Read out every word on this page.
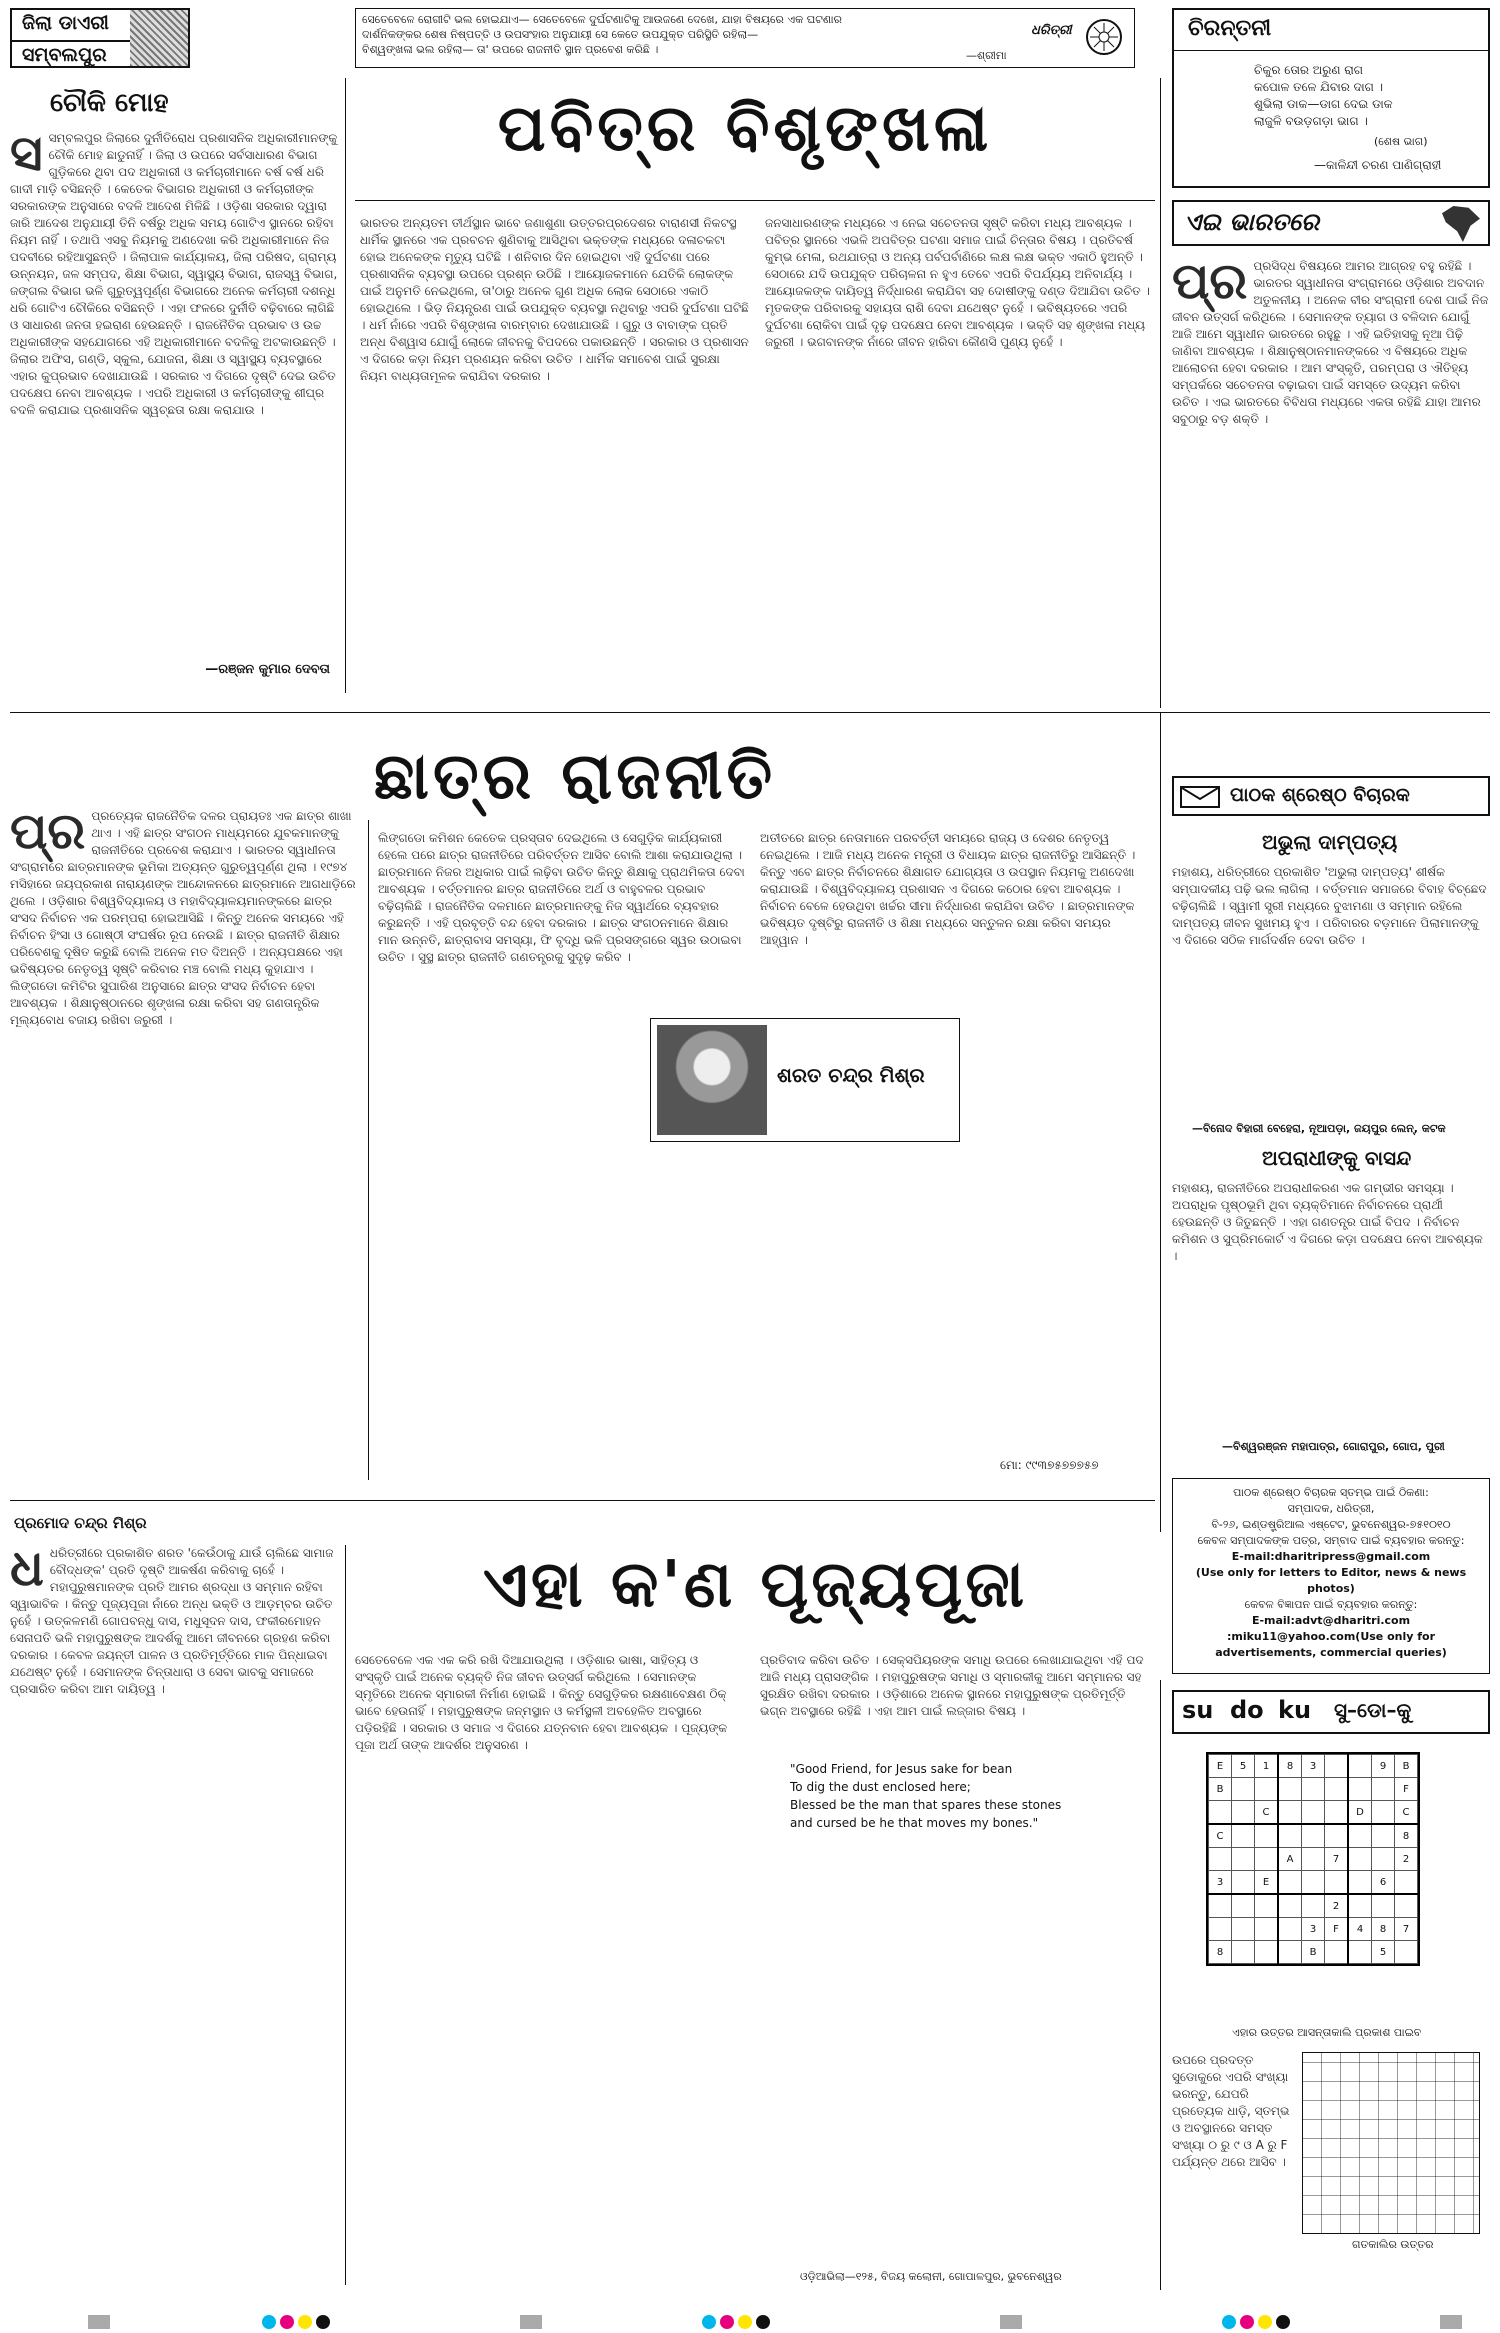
ଜିଲା ଡାଏରୀ
ସମ୍ବଲପୁର
ସେତେବେଳେ ରୋଗୀଟି ଭଲ ହୋଇଯାଏ— ସେତେବେଳେ ଦୁର୍ଘଟଣାଟିକୁ ଆଉଜଣେ ଦେଖେ, ଯାହା ବିଷୟରେ ଏକ ଘଟଣାର
ଦାର୍ଶନିକଙ୍କର ଶେଷ ନିଷ୍ପତ୍ତି ଓ ଉପସଂହାର ଅନୁଯାୟୀ ସେ କେତେ ଉପଯୁକ୍ତ ପରିସ୍ଥିତି ରହିଲା—
ବିଶ୍ୱଙ୍ଖଳା ଭଲ ରହିଲା— ତା' ଉପରେ ରାଜନୀତି ସ୍ଥାନ ପ୍ରବେଶ କରିଛି ।	—ଶ୍ରୀମା
ଧରିତ୍ରୀ	ଚିରନ୍ତନୀ
ଚିକୁର ତୋର ଅରୁଣ ରାଗ
କପୋଳ ତଳେ ଯିବାର ଦାଗ ।
ଶୁଭିଲା ଡାକ—ଡାଗ ଦେଇ ଡାକ
ଲାଜୁଳି ବଉଡ଼ଗଡ଼ା ଭାଗ ।
(ଶେଷ ଭାଗ)
—କାଳିନ୍ଦୀ ଚରଣ ପାଣିଗ୍ରାହୀ
ଚୌକି ମୋହ
ସ ସମ୍ବଲପୁର ଜିଲାରେ ଦୁର୍ନୀତିରୋଧ ପ୍ରଶାସନିକ ଅଧିକାରୀମାନଙ୍କୁ ଚୌକି ମୋହ ଛାଡୁନାହିଁ । ଜିଲା ଓ ଉପରେ ସର୍ବସାଧାରଣ ବିଭାଗ ଗୁଡ଼ିକରେ ଥିବା ପଦ ଅଧିକାରୀ ଓ କର୍ମଚାରୀମାନେ ବର୍ଷ ବର୍ଷ ଧରି ଗାଦୀ ମାଡ଼ି ବସିଛନ୍ତି । କେତେକ ବିଭାଗର ଅଧିକାରୀ ଓ କର୍ମଚାରୀଙ୍କ ସରକାରଙ୍କ ଅନୁସାରେ ବଦଳି ଆଦେଶ ମିଳିଛି । ଓଡ଼ିଶା ସରକାର ଦ୍ୱାରା ଜାରି ଆଦେଶ ଅନୁଯାୟୀ ତିନି ବର୍ଷରୁ ଅଧିକ ସମୟ ଗୋଟିଏ ସ୍ଥାନରେ ରହିବା ନିୟମ ନାହିଁ । ତଥାପି ଏସବୁ ନିୟମକୁ ଅଣଦେଖା କରି ଅଧିକାରୀମାନେ ନିଜ ପଦବୀରେ ରହିଆସୁଛନ୍ତି । ଜିଲାପାଳ କାର୍ଯ୍ୟାଳୟ, ଜିଲା ପରିଷଦ, ଗ୍ରାମ୍ୟ ଉନ୍ନୟନ, ଜଳ ସମ୍ପଦ, ଶିକ୍ଷା ବିଭାଗ, ସ୍ୱାସ୍ଥ୍ୟ ବିଭାଗ, ରାଜସ୍ୱ ବିଭାଗ, ଜଙ୍ଗଲ ବିଭାଗ ଭଳି ଗୁରୁତ୍ୱପୂର୍ଣ୍ଣ ବିଭାଗରେ ଅନେକ କର୍ମଚାରୀ ଦଶନ୍ଧି ଧରି ଗୋଟିଏ ଚୌକିରେ ବସିଛନ୍ତି । ଏହା ଫଳରେ ଦୁର୍ନୀତି ବଢ଼ିବାରେ ଲାଗିଛି ଓ ସାଧାରଣ ଜନତା ହଇରାଣ ହେଉଛନ୍ତି । ରାଜନୈତିକ ପ୍ରଭାବ ଓ ଉଚ୍ଚ ଅଧିକାରୀଙ୍କ ସହଯୋଗରେ ଏହି ଅଧିକାରୀମାନେ ବଦଳିକୁ ଅଟକାଉଛନ୍ତି । ଜିଲାର ଅଫିସ, ଗଣ୍ଡି, ସ୍କୁଲ, ଯୋଜନା, ଶିକ୍ଷା ଓ ସ୍ୱାସ୍ଥ୍ୟ ବ୍ୟବସ୍ଥାରେ ଏହାର କୁପ୍ରଭାବ ଦେଖାଯାଉଛି । ସରକାର ଏ ଦିଗରେ ଦୃଷ୍ଟି ଦେଇ ଉଚିତ ପଦକ୍ଷେପ ନେବା ଆବଶ୍ୟକ । ଏପରି ଅଧିକାରୀ ଓ କର୍ମଚାରୀଙ୍କୁ ଶୀଘ୍ର ବଦଳି କରାଯାଇ ପ୍ରଶାସନିକ ସ୍ୱଚ୍ଛତା ରକ୍ଷା କରାଯାଉ ।
—ରଞ୍ଜନ କୁମାର ଦେବତା
ପବିତ୍ର ବିଶୃଙ୍ଖଳା
ଭାରତର ଅନ୍ୟତମ ତୀର୍ଥସ୍ଥାନ ଭାବେ ଜଣାଶୁଣା ଉତ୍ତରପ୍ରଦେଶର ବାରାଣସୀ ନିକଟସ୍ଥ ଧାର୍ମିକ ସ୍ଥାନରେ ଏକ ପ୍ରବଚନ ଶୁଣିବାକୁ ଆସିଥିବା ଭକ୍ତଙ୍କ ମଧ୍ୟରେ ଦଳାଚକଟା ହୋଇ ଅନେକଙ୍କ ମୃତ୍ୟୁ ଘଟିଛି । ଶନିବାର ଦିନ ହୋଇଥିବା ଏହି ଦୁର୍ଘଟଣା ପରେ ପ୍ରଶାସନିକ ବ୍ୟବସ୍ଥା ଉପରେ ପ୍ରଶ୍ନ ଉଠିଛି । ଆୟୋଜକମାନେ ଯେତିକି ଲୋକଙ୍କ ପାଇଁ ଅନୁମତି ନେଇଥିଲେ, ତା'ଠାରୁ ଅନେକ ଗୁଣ ଅଧିକ ଲୋକ ସେଠାରେ ଏକାଠି ହୋଇଥିଲେ । ଭିଡ଼ ନିୟନ୍ତ୍ରଣ ପାଇଁ ଉପଯୁକ୍ତ ବ୍ୟବସ୍ଥା ନଥିବାରୁ ଏପରି ଦୁର୍ଘଟଣା ଘଟିଛି । ଧର୍ମ ନାଁରେ ଏପରି ବିଶୃଙ୍ଖଳା ବାରମ୍ବାର ଦେଖାଯାଉଛି । ଗୁରୁ ଓ ବାବାଙ୍କ ପ୍ରତି ଅନ୍ଧ ବିଶ୍ୱାସ ଯୋଗୁଁ ଲୋକେ ଜୀବନକୁ ବିପଦରେ ପକାଉଛନ୍ତି । ସରକାର ଓ ପ୍ରଶାସନ ଏ ଦିଗରେ କଡ଼ା ନିୟମ ପ୍ରଣୟନ କରିବା ଉଚିତ । ଧାର୍ମିକ ସମାବେଶ ପାଇଁ ସୁରକ୍ଷା ନିୟମ ବାଧ୍ୟତାମୂଳକ କରାଯିବା ଦରକାର ।
ଜନସାଧାରଣଙ୍କ ମଧ୍ୟରେ ଏ ନେଇ ସଚେତନତା ସୃଷ୍ଟି କରିବା ମଧ୍ୟ ଆବଶ୍ୟକ । ପବିତ୍ର ସ୍ଥାନରେ ଏଭଳି ଅପବିତ୍ର ଘଟଣା ସମାଜ ପାଇଁ ଚିନ୍ତାର ବିଷୟ । ପ୍ରତିବର୍ଷ କୁମ୍ଭ ମେଳା, ରଥଯାତ୍ରା ଓ ଅନ୍ୟ ପର୍ବପର୍ବାଣିରେ ଲକ୍ଷ ଲକ୍ଷ ଭକ୍ତ ଏକାଠି ହୁଅନ୍ତି । ସେଠାରେ ଯଦି ଉପଯୁକ୍ତ ପରିଚାଳନା ନ ହୁଏ ତେବେ ଏପରି ବିପର୍ଯ୍ୟୟ ଅନିବାର୍ଯ୍ୟ । ଆୟୋଜକଙ୍କ ଦାୟିତ୍ୱ ନିର୍ଦ୍ଧାରଣ କରାଯିବା ସହ ଦୋଷୀଙ୍କୁ ଦଣ୍ଡ ଦିଆଯିବା ଉଚିତ । ମୃତକଙ୍କ ପରିବାରକୁ ସହାୟତା ରାଶି ଦେବା ଯଥେଷ୍ଟ ନୁହେଁ । ଭବିଷ୍ୟତରେ ଏପରି ଦୁର୍ଘଟଣା ରୋକିବା ପାଇଁ ଦୃଢ଼ ପଦକ୍ଷେପ ନେବା ଆବଶ୍ୟକ । ଭକ୍ତି ସହ ଶୃଙ୍ଖଳା ମଧ୍ୟ ଜରୁରୀ । ଭଗବାନଙ୍କ ନାଁରେ ଜୀବନ ହାରିବା କୌଣସି ପୁଣ୍ୟ ନୁହେଁ ।
ଏଇ ଭାରତରେ
ପ୍ର ପ୍ରସିଦ୍ଧ ବିଷୟରେ ଆମର ଆଗ୍ରହ ବହୁ ରହିଛି । ଭାରତର ସ୍ୱାଧୀନତା ସଂଗ୍ରାମରେ ଓଡ଼ିଶାର ଅବଦାନ ଅତୁଳନୀୟ । ଅନେକ ବୀର ସଂଗ୍ରାମୀ ଦେଶ ପାଇଁ ନିଜ ଜୀବନ ଉତ୍ସର୍ଗ କରିଥିଲେ । ସେମାନଙ୍କ ତ୍ୟାଗ ଓ ବଳିଦାନ ଯୋଗୁଁ ଆଜି ଆମେ ସ୍ୱାଧୀନ ଭାରତରେ ରହୁଛୁ । ଏହି ଇତିହାସକୁ ନୂଆ ପିଢ଼ି ଜାଣିବା ଆବଶ୍ୟକ । ଶିକ୍ଷାନୁଷ୍ଠାନମାନଙ୍କରେ ଏ ବିଷୟରେ ଅଧିକ ଆଲୋଚନା ହେବା ଦରକାର । ଆମ ସଂସ୍କୃତି, ପରମ୍ପରା ଓ ଐତିହ୍ୟ ସମ୍ପର୍କରେ ସଚେତନତା ବଢ଼ାଇବା ପାଇଁ ସମସ୍ତେ ଉଦ୍ୟମ କରିବା ଉଚିତ । ଏଇ ଭାରତରେ ବିବିଧତା ମଧ୍ୟରେ ଏକତା ରହିଛି ଯାହା ଆମର ସବୁଠାରୁ ବଡ଼ ଶକ୍ତି ।
ଛାତ୍ର ରାଜନୀତି
ପ୍ର ପ୍ରତ୍ୟେକ ରାଜନୈତିକ ଦଳର ପ୍ରାୟତଃ ଏକ ଛାତ୍ର ଶାଖା ଥାଏ । ଏହି ଛାତ୍ର ସଂଗଠନ ମାଧ୍ୟମରେ ଯୁବକମାନଙ୍କୁ ରାଜନୀତିରେ ପ୍ରବେଶ କରାଯାଏ । ଭାରତର ସ୍ୱାଧୀନତା ସଂଗ୍ରାମରେ ଛାତ୍ରମାନଙ୍କ ଭୂମିକା ଅତ୍ୟନ୍ତ ଗୁରୁତ୍ୱପୂର୍ଣ୍ଣ ଥିଲା । ୧୯୭୪ ମସିହାରେ ଜୟପ୍ରକାଶ ନାରାୟଣଙ୍କ ଆନ୍ଦୋଳନରେ ଛାତ୍ରମାନେ ଆଗଧାଡ଼ିରେ ଥିଲେ । ଓଡ଼ିଶାର ବିଶ୍ୱବିଦ୍ୟାଳୟ ଓ ମହାବିଦ୍ୟାଳୟମାନଙ୍କରେ ଛାତ୍ର ସଂସଦ ନିର୍ବାଚନ ଏକ ପରମ୍ପରା ହୋଇଆସିଛି । କିନ୍ତୁ ଅନେକ ସମୟରେ ଏହି ନିର୍ବାଚନ ହିଂସା ଓ ଗୋଷ୍ଠୀ ସଂଘର୍ଷର ରୂପ ନେଉଛି । ଛାତ୍ର ରାଜନୀତି ଶିକ୍ଷାର ପରିବେଶକୁ ଦୂଷିତ କରୁଛି ବୋଲି ଅନେକ ମତ ଦିଅନ୍ତି । ଅନ୍ୟପକ୍ଷରେ ଏହା ଭବିଷ୍ୟତର ନେତୃତ୍ୱ ସୃଷ୍ଟି କରିବାର ମଞ୍ଚ ବୋଲି ମଧ୍ୟ କୁହାଯାଏ । ଲିଙ୍ଗଡୋ କମିଟିର ସୁପାରିଶ ଅନୁସାରେ ଛାତ୍ର ସଂସଦ ନିର୍ବାଚନ ହେବା ଆବଶ୍ୟକ । ଶିକ୍ଷାନୁଷ୍ଠାନରେ ଶୃଙ୍ଖଳା ରକ୍ଷା କରିବା ସହ ଗଣତାନ୍ତ୍ରିକ ମୂଲ୍ୟବୋଧ ବଜାୟ ରଖିବା ଜରୁରୀ ।
ଲିଙ୍ଗଡୋ କମିଶନ କେତେକ ପ୍ରସ୍ତାବ ଦେଇଥିଲେ ଓ ସେଗୁଡ଼ିକ କାର୍ଯ୍ୟକାରୀ ହେଲେ ପରେ ଛାତ୍ର ରାଜନୀତିରେ ପରିବର୍ତ୍ତନ ଆସିବ ବୋଲି ଆଶା କରାଯାଉଥିଲା । ଛାତ୍ରମାନେ ନିଜର ଅଧିକାର ପାଇଁ ଲଢ଼ିବା ଉଚିତ କିନ୍ତୁ ଶିକ୍ଷାକୁ ପ୍ରାଥମିକତା ଦେବା ଆବଶ୍ୟକ । ବର୍ତ୍ତମାନର ଛାତ୍ର ରାଜନୀତିରେ ଅର୍ଥ ଓ ବାହୁବଳର ପ୍ରଭାବ ବଢ଼ିଚାଲିଛି । ରାଜନୈତିକ ଦଳମାନେ ଛାତ୍ରମାନଙ୍କୁ ନିଜ ସ୍ୱାର୍ଥରେ ବ୍ୟବହାର କରୁଛନ୍ତି । ଏହି ପ୍ରବୃତ୍ତି ବନ୍ଦ ହେବା ଦରକାର । ଛାତ୍ର ସଂଗଠନମାନେ ଶିକ୍ଷାର ମାନ ଉନ୍ନତି, ଛାତ୍ରାବାସ ସମସ୍ୟା, ଫି ବୃଦ୍ଧି ଭଳି ପ୍ରସଙ୍ଗରେ ସ୍ୱର ଉଠାଇବା ଉଚିତ । ସୁସ୍ଥ ଛାତ୍ର ରାଜନୀତି ଗଣତନ୍ତ୍ରକୁ ସୁଦୃଢ଼ କରିବ ।
ଅତୀତରେ ଛାତ୍ର ନେତାମାନେ ପରବର୍ତ୍ତୀ ସମୟରେ ରାଜ୍ୟ ଓ ଦେଶର ନେତୃତ୍ୱ ନେଇଥିଲେ । ଆଜି ମଧ୍ୟ ଅନେକ ମନ୍ତ୍ରୀ ଓ ବିଧାୟକ ଛାତ୍ର ରାଜନୀତିରୁ ଆସିଛନ୍ତି । କିନ୍ତୁ ଏବେ ଛାତ୍ର ନିର୍ବାଚନରେ ଶିକ୍ଷାଗତ ଯୋଗ୍ୟତା ଓ ଉପସ୍ଥାନ ନିୟମକୁ ଅଣଦେଖା କରାଯାଉଛି । ବିଶ୍ୱବିଦ୍ୟାଳୟ ପ୍ରଶାସନ ଏ ଦିଗରେ କଠୋର ହେବା ଆବଶ୍ୟକ । ନିର୍ବାଚନ ବେଳେ ହେଉଥିବା ଖର୍ଚ୍ଚର ସୀମା ନିର୍ଦ୍ଧାରଣ କରାଯିବା ଉଚିତ । ଛାତ୍ରମାନଙ୍କ ଭବିଷ୍ୟତ ଦୃଷ୍ଟିରୁ ରାଜନୀତି ଓ ଶିକ୍ଷା ମଧ୍ୟରେ ସନ୍ତୁଳନ ରକ୍ଷା କରିବା ସମୟର ଆହ୍ୱାନ ।
ଶରତ ଚନ୍ଦ୍ର ମିଶ୍ର
ମୋ: ୯୯୩୭୫୭୭୭୫୭
ପାଠକ ଶ୍ରେଷ୍ଠ ବିଚାରକ
ଅଭୁଲା ଦାମ୍ପତ୍ୟ
ମହାଶୟ, ଧରିତ୍ରୀରେ ପ୍ରକାଶିତ 'ଅଭୁଲା ଦାମ୍ପତ୍ୟ' ଶୀର୍ଷକ ସମ୍ପାଦକୀୟ ପଢ଼ି ଭଲ ଲାଗିଲା । ବର୍ତ୍ତମାନ ସମାଜରେ ବିବାହ ବିଚ୍ଛେଦ ବଢ଼ିଚାଲିଛି । ସ୍ୱାମୀ ସ୍ତ୍ରୀ ମଧ୍ୟରେ ବୁଝାମଣା ଓ ସମ୍ମାନ ରହିଲେ ଦାମ୍ପତ୍ୟ ଜୀବନ ସୁଖମୟ ହୁଏ । ପରିବାରର ବଡ଼ମାନେ ପିଲାମାନଙ୍କୁ ଏ ଦିଗରେ ସଠିକ ମାର୍ଗଦର୍ଶନ ଦେବା ଉଚିତ ।
—ବିନୋଦ ବିହାରୀ ବେହେରା, ନୂଆପଡ଼ା, ଜୟପୁର ଲେନ୍, କଟକ
ଅପରାଧୀଙ୍କୁ ବାସନ୍ଦ
ମହାଶୟ, ରାଜନୀତିରେ ଅପରାଧୀକରଣ ଏକ ଗମ୍ଭୀର ସମସ୍ୟା । ଅପରାଧିକ ପୃଷ୍ଠଭୂମି ଥିବା ବ୍ୟକ୍ତିମାନେ ନିର୍ବାଚନରେ ପ୍ରାର୍ଥୀ ହେଉଛନ୍ତି ଓ ଜିତୁଛନ୍ତି । ଏହା ଗଣତନ୍ତ୍ର ପାଇଁ ବିପଦ । ନିର୍ବାଚନ କମିଶନ ଓ ସୁପ୍ରିମକୋର୍ଟ ଏ ଦିଗରେ କଡ଼ା ପଦକ୍ଷେପ ନେବା ଆବଶ୍ୟକ ।
—ବିଶ୍ୱରଞ୍ଜନ ମହାପାତ୍ର, ଗୋରାପୁର, ଗୋପ, ପୁରୀ
ପାଠକ ଶ୍ରେଷ୍ଠ ବିଚାରକ ସ୍ତମ୍ଭ ପାଇଁ ଠିକଣା:
ସମ୍ପାଦକ, ଧରିତ୍ରୀ,
ବି-୨୬, ଇଣ୍ଡଷ୍ଟ୍ରିଆଲ ଏଷ୍ଟେଟ, ଭୁବନେଶ୍ୱର-୭୫୧୦୧୦
କେବଳ ସମ୍ପାଦକଙ୍କ ପତ୍ର, ସମ୍ବାଦ ପାଇଁ ବ୍ୟବହାର କରନ୍ତୁ:
E-mail:dharitripress@gmail.com
(Use only for letters to Editor, news & news photos)
କେବଳ ବିଜ୍ଞାପନ ପାଇଁ ବ୍ୟବହାର କରନ୍ତୁ:
E-mail:advt@dharitri.com
:miku11@yahoo.com(Use only for
advertisements, commercial queries)
ପ୍ରମୋଦ ଚନ୍ଦ୍ର ମିଶ୍ର
ଏହା କ'ଣ ପୂଜ୍ୟପୂଜା
ଧ ଧରିତ୍ରୀରେ ପ୍ରକାଶିତ ଶରତ 'କେଉଁଠାକୁ ଯାଉଁ ଚାଲିଛେ ସାମାଜ ବୌଦ୍ଧଙ୍କ' ପ୍ରତି ଦୃଷ୍ଟି ଆକର୍ଷଣ କରିବାକୁ ଚାହେଁ । ମହାପୁରୁଷମାନଙ୍କ ପ୍ରତି ଆମର ଶ୍ରଦ୍ଧା ଓ ସମ୍ମାନ ରହିବା ସ୍ୱାଭାବିକ । କିନ୍ତୁ ପୂଜ୍ୟପୂଜା ନାଁରେ ଅନ୍ଧ ଭକ୍ତି ଓ ଆଡ଼ମ୍ବର ଉଚିତ ନୁହେଁ । ଉତ୍କଳମଣି ଗୋପବନ୍ଧୁ ଦାସ, ମଧୁସୂଦନ ଦାସ, ଫକୀରମୋହନ ସେନାପତି ଭଳି ମହାପୁରୁଷଙ୍କ ଆଦର୍ଶକୁ ଆମେ ଜୀବନରେ ଗ୍ରହଣ କରିବା ଦରକାର । କେବଳ ଜୟନ୍ତୀ ପାଳନ ଓ ପ୍ରତିମୂର୍ତ୍ତିରେ ମାଳ ପିନ୍ଧାଇବା ଯଥେଷ୍ଟ ନୁହେଁ । ସେମାନଙ୍କ ଚିନ୍ତାଧାରା ଓ ସେବା ଭାବକୁ ସମାଜରେ ପ୍ରସାରିତ କରିବା ଆମ ଦାୟିତ୍ୱ ।
ସେତେବେଳେ ଏକ ଏକ କରି ରଖି ଦିଆଯାଉଥିଲା । ଓଡ଼ିଶାର ଭାଷା, ସାହିତ୍ୟ ଓ ସଂସ୍କୃତି ପାଇଁ ଅନେକ ବ୍ୟକ୍ତି ନିଜ ଜୀବନ ଉତ୍ସର୍ଗ କରିଥିଲେ । ସେମାନଙ୍କ ସ୍ମୃତିରେ ଅନେକ ସ୍ମାରକୀ ନିର୍ମାଣ ହୋଇଛି । କିନ୍ତୁ ସେଗୁଡ଼ିକର ରକ୍ଷଣାବେକ୍ଷଣ ଠିକ୍ ଭାବେ ହେଉନାହିଁ । ମହାପୁରୁଷଙ୍କ ଜନ୍ମସ୍ଥାନ ଓ କର୍ମସ୍ଥଳୀ ଅବହେଳିତ ଅବସ୍ଥାରେ ପଡ଼ିରହିଛି । ସରକାର ଓ ସମାଜ ଏ ଦିଗରେ ଯତ୍ନବାନ ହେବା ଆବଶ୍ୟକ । ପୂଜ୍ୟଙ୍କ ପୂଜା ଅର୍ଥ ତାଙ୍କ ଆଦର୍ଶର ଅନୁସରଣ ।
ପ୍ରତିବାଦ କରିବା ଉଚିତ । ସେକ୍ସପିୟରଙ୍କ ସମାଧି ଉପରେ ଲେଖାଯାଇଥିବା ଏହି ପଦ ଆଜି ମଧ୍ୟ ପ୍ରାସଙ୍ଗିକ । ମହାପୁରୁଷଙ୍କ ସମାଧି ଓ ସ୍ମାରକୀକୁ ଆମେ ସମ୍ମାନର ସହ ସୁରକ୍ଷିତ ରଖିବା ଦରକାର । ଓଡ଼ିଶାରେ ଅନେକ ସ୍ଥାନରେ ମହାପୁରୁଷଙ୍କ ପ୍ରତିମୂର୍ତ୍ତି ଭଗ୍ନ ଅବସ୍ଥାରେ ରହିଛି । ଏହା ଆମ ପାଇଁ ଲଜ୍ଜାର ବିଷୟ ।
"Good Friend, for Jesus sake for bean
To dig the dust enclosed here;
Blessed be the man that spares these stones
and cursed be he that moves my bones."
ଓଡ଼ିଆଭିଲା—୧୨୫, ବିଜୟ କଲୋନୀ, ଗୋପାଳପୁର, ଭୁବନେଶ୍ୱର
su do ku ସୁ–ଡୋ–କୁ
E	5	1	8	3			9	B
B								F
		C				D		C
C								8
			A		7			2
3		E					6	
					2			
				3	F	4	8	7
8				B			5	
ଏହାର ଉତ୍ତର ଆସନ୍ତାକାଲି ପ୍ରକାଶ ପାଇବ
ଉପରେ ପ୍ରଦତ୍ତ ସୁଡୋକୁରେ ଏପରି ସଂଖ୍ୟା ଭରନ୍ତୁ, ଯେପରି ପ୍ରତ୍ୟେକ ଧାଡ଼ି, ସ୍ତମ୍ଭ ଓ ଅବସ୍ଥାନରେ ସମସ୍ତ ସଂଖ୍ୟା ୦ ରୁ ୯ ଓ A ରୁ F ପର୍ଯ୍ୟନ୍ତ ଥରେ ଆସିବ ।
ଗତକାଲିର ଉତ୍ତର
